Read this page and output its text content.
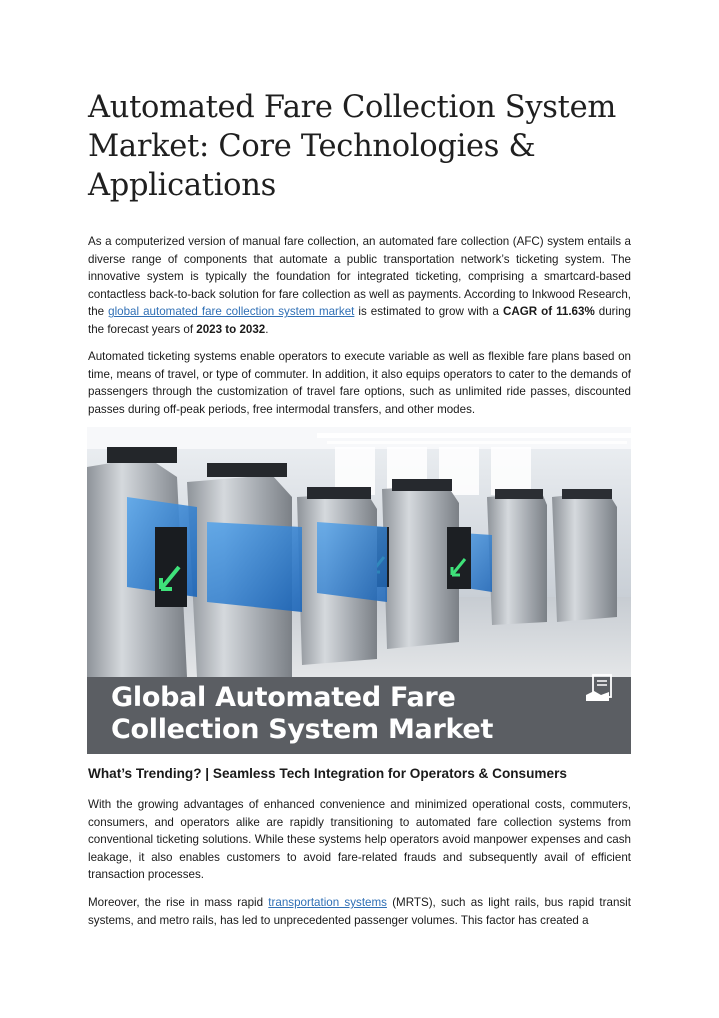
Automated Fare Collection System
Market: Core Technologies &
Applications

As a computerized version of manual fare collection, an automated fare collection (AFC) system entails a diverse range of components that automate a public transportation network’s ticketing system. The innovative system is typically the foundation for integrated ticketing, comprising a smartcard-based contactless back-to-back solution for fare collection as well as payments. According to Inkwood Research, the global automated fare collection system market is estimated to grow with a CAGR of 11.63% during the forecast years of 2023 to 2032.

Automated ticketing systems enable operators to execute variable as well as flexible fare plans based on time, means of travel, or type of commuter. In addition, it also equips operators to cater to the demands of passengers through the customization of travel fare options, such as unlimited ride passes, discounted passes during off-peak periods, free intermodal transfers, and other modes.

Global Automated Fare
Collection System Market
What’s Trending? | Seamless Tech Integration for Operators & Consumers

With the growing advantages of enhanced convenience and minimized operational costs, commuters, consumers, and operators alike are rapidly transitioning to automated fare collection systems from conventional ticketing solutions. While these systems help operators avoid manpower expenses and cash leakage, it also enables customers to avoid fare-related frauds and subsequently avail of efficient transaction processes.

Moreover, the rise in mass rapid transportation systems (MRTS), such as light rails, bus rapid transit systems, and metro rails, has led to unprecedented passenger volumes. This factor has created a
